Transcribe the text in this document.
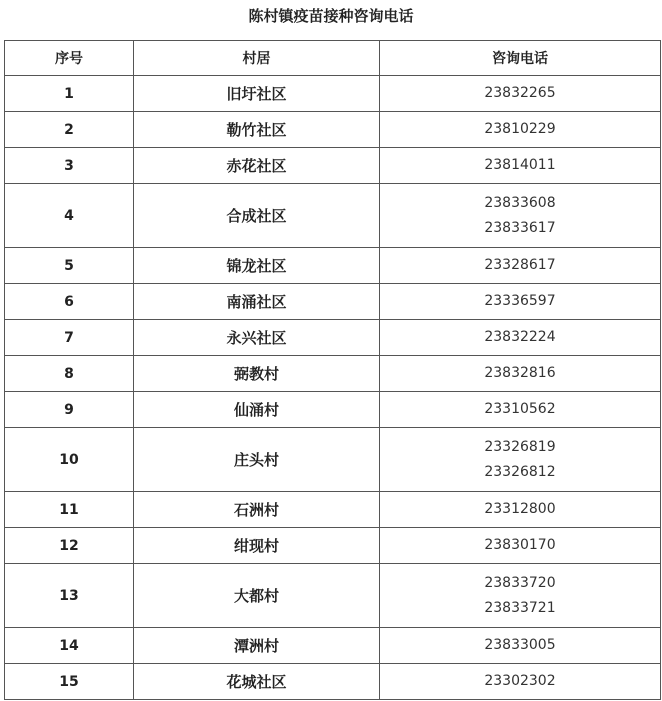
陈村镇疫苗接种咨询电话
序号	村居	咨询电话
1	旧圩社区	23832265

2	勒竹社区	23810229

3	赤花社区	23814011

4	合成社区	23833608
23833617

5	锦龙社区	23328617

6	南涌社区	23336597

7	永兴社区	23832224

8	弼教村	23832816

9	仙涌村	23310562

10	庄头村	23326819
23326812

11	石洲村	23312800

12	绀现村	23830170

13	大都村	23833720
23833721

14	潭洲村	23833005

15	花城社区	23302302
